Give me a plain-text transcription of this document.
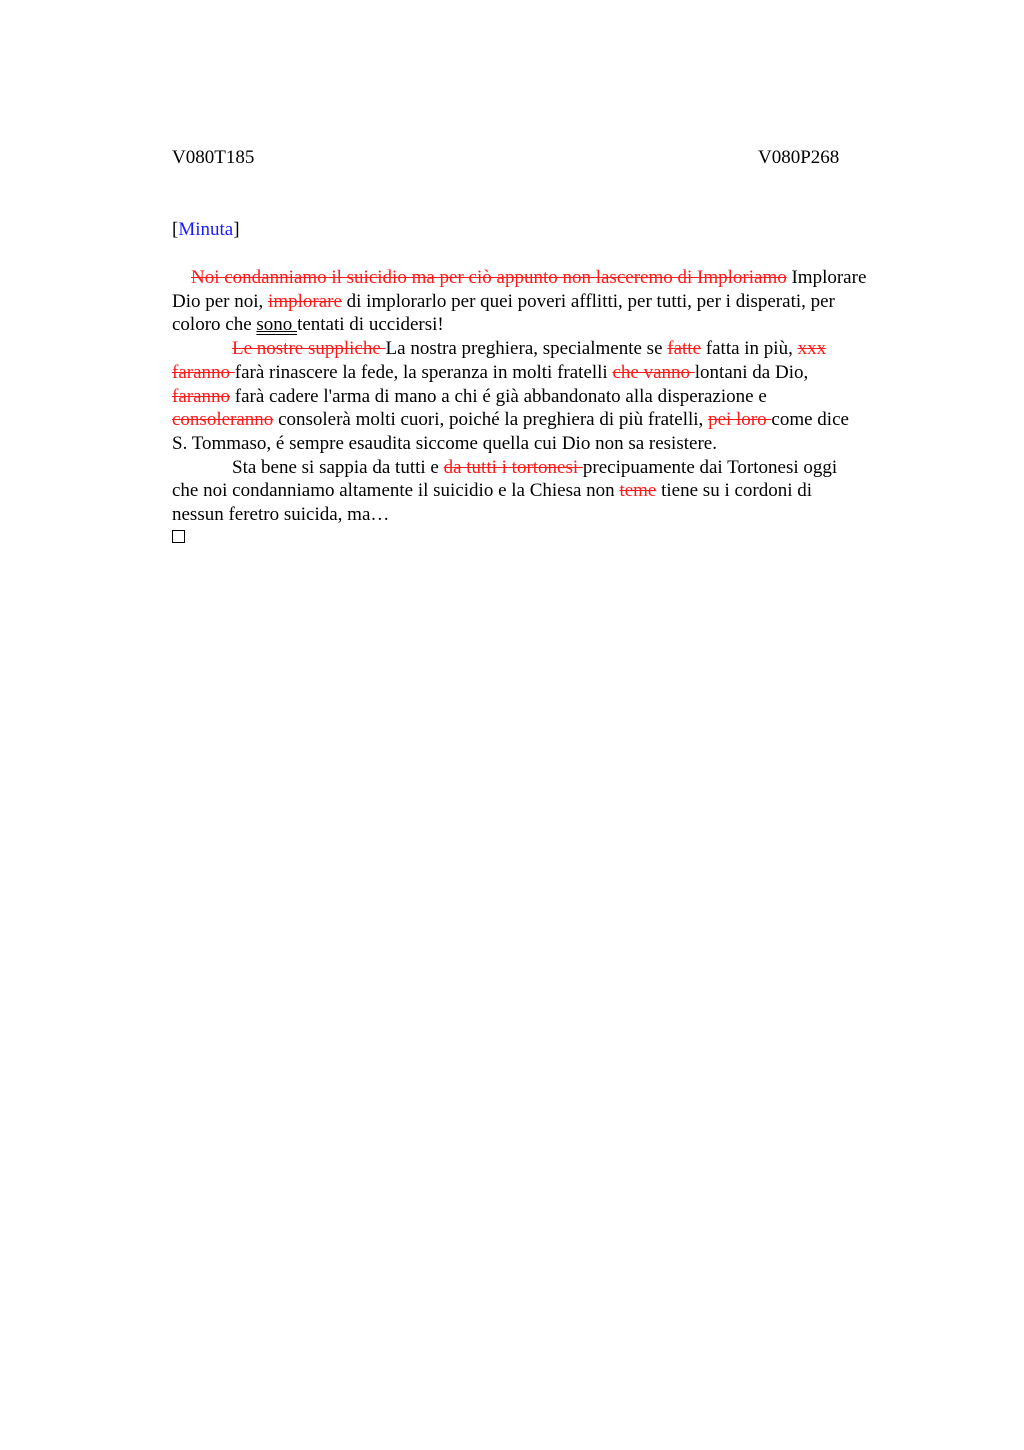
V080T185	V080P268
[Minuta]
Noi condanniamo il suicidio ma per ciò appunto non lasceremo di Imploriamo Implorare
Dio per noi, implorare di implorarlo per quei poveri afflitti, per tutti, per i disperati, per
coloro che sono tentati di uccidersi!
Le nostre suppliche La nostra preghiera, specialmente se fatte fatta in più, xxx
faranno farà rinascere la fede, la speranza in molti fratelli che vanno lontani da Dio,
faranno farà cadere l'arma di mano a chi é già abbandonato alla disperazione e
consoleranno consolerà molti cuori, poiché la preghiera di più fratelli, pei loro come dice
S. Tommaso, é sempre esaudita siccome quella cui Dio non sa resistere.
Sta bene si sappia da tutti e da tutti i tortonesi precipuamente dai Tortonesi oggi
che noi condanniamo altamente il suicidio e la Chiesa non teme tiene su i cordoni di
nessun feretro suicida, ma…
